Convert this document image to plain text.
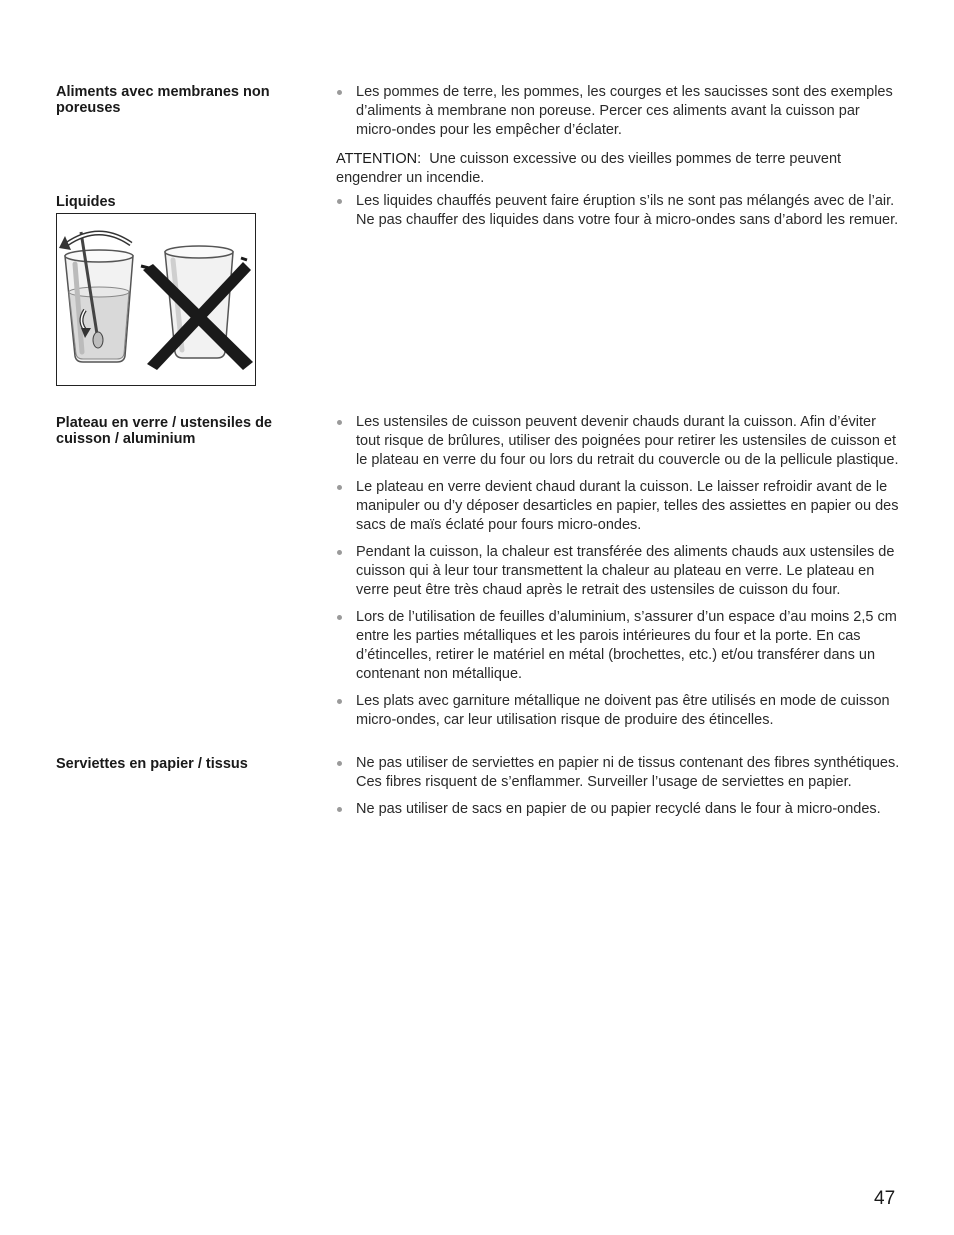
Aliments avec membranes non poreuses
Les pommes de terre, les pommes, les courges et les saucisses sont des exemples d’aliments à membrane non poreuse. Percer ces aliments avant la cuisson par micro-ondes pour les empêcher d’éclater.

ATTENTION: Une cuisson excessive ou des vieilles pommes de terre peuvent engendrer un incendie.

Liquides	Les liquides chauffés peuvent faire éruption s’ils ne sont pas mélangés avec de l’air. Ne pas chauffer des liquides dans votre four à micro-ondes sans d’abord les remuer.
Plateau en verre / ustensiles de cuisson / aluminium
Les ustensiles de cuisson peuvent devenir chauds durant la cuisson. Afin d’éviter tout risque de brûlures, utiliser des poignées pour retirer les ustensiles de cuisson et le plateau en verre du four ou lors du retrait du couvercle ou de la pellicule plastique.
Le plateau en verre devient chaud durant la cuisson. Le laisser refroidir avant de le manipuler ou d’y déposer desarticles en papier, telles des assiettes en papier ou des sacs de maïs éclaté pour fours micro-ondes.
Pendant la cuisson, la chaleur est transférée des aliments chauds aux ustensiles de cuisson qui à leur tour transmettent la chaleur au plateau en verre. Le plateau en verre peut être très chaud après le retrait des ustensiles de cuisson du four.
Lors de l’utilisation de feuilles d’aluminium, s’assurer d’un espace d’au moins 2,5 cm entre les parties métalliques et les parois intérieures du four et la porte. En cas d’étincelles, retirer le matériel en métal (brochettes, etc.) et/ou transférer dans un contenant non métallique.
Les plats avec garniture métallique ne doivent pas être utilisés en mode de cuisson micro-ondes, car leur utilisation risque de produire des étincelles.
Serviettes en papier / tissus	Ne pas utiliser de serviettes en papier ni de tissus contenant des fibres synthétiques. Ces fibres risquent de s’enflammer. Surveiller l’usage de serviettes en papier.
Ne pas utiliser de sacs en papier de ou papier recyclé dans le four à micro-ondes.
47
